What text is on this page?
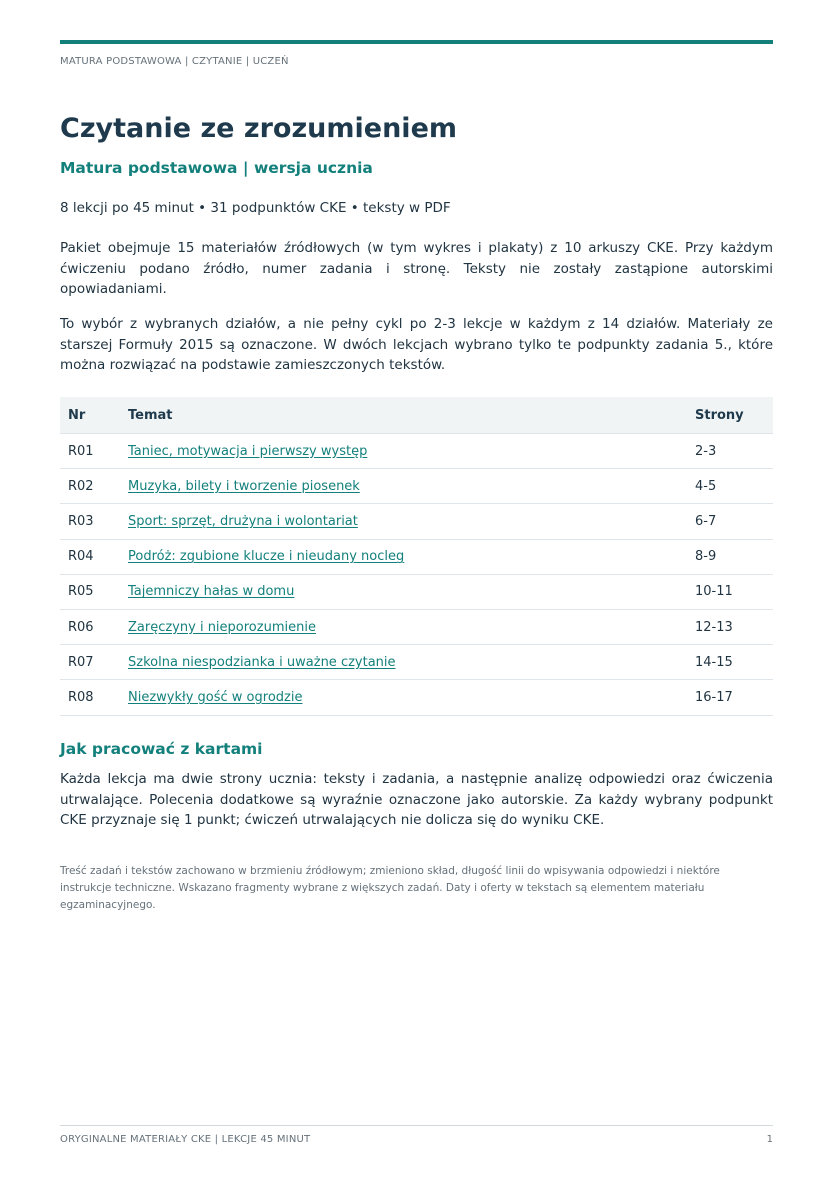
MATURA PODSTAWOWA | CZYTANIE | UCZEŃ
Czytanie ze zrozumieniem
Matura podstawowa | wersja ucznia
8 lekcji po 45 minut • 31 podpunktów CKE • teksty w PDF

Pakiet obejmuje 15 materiałów źródłowych (w tym wykres i plakaty) z 10 arkuszy CKE. Przy każdym ćwiczeniu podano źródło, numer zadania i stronę. Teksty nie zostały zastąpione autorskimi opowiadaniami.

To wybór z wybranych działów, a nie pełny cykl po 2-3 lekcje w każdym z 14 działów. Materiały ze starszej Formuły 2015 są oznaczone. W dwóch lekcjach wybrano tylko te podpunkty zadania 5., które można rozwiązać na podstawie zamieszczonych tekstów.

Nr	Temat	Strony
R01	Taniec, motywacja i pierwszy występ	2-3
R02	Muzyka, bilety i tworzenie piosenek	4-5
R03	Sport: sprzęt, drużyna i wolontariat	6-7
R04	Podróż: zgubione klucze i nieudany nocleg	8-9
R05	Tajemniczy hałas w domu	10-11
R06	Zaręczyny i nieporozumienie	12-13
R07	Szkolna niespodzianka i uważne czytanie	14-15
R08	Niezwykły gość w ogrodzie	16-17
Jak pracować z kartami

Każda lekcja ma dwie strony ucznia: teksty i zadania, a następnie analizę odpowiedzi oraz ćwiczenia utrwalające. Polecenia dodatkowe są wyraźnie oznaczone jako autorskie. Za każdy wybrany podpunkt CKE przyznaje się 1 punkt; ćwiczeń utrwalających nie dolicza się do wyniku CKE.

Treść zadań i tekstów zachowano w brzmieniu źródłowym; zmieniono skład, długość linii do wpisywania odpowiedzi i niektóre instrukcje techniczne. Wskazano fragmenty wybrane z większych zadań. Daty i oferty w tekstach są elementem materiału egzaminacyjnego.

ORYGINALNE MATERIAŁY CKE | LEKCJE 45 MINUT	1
